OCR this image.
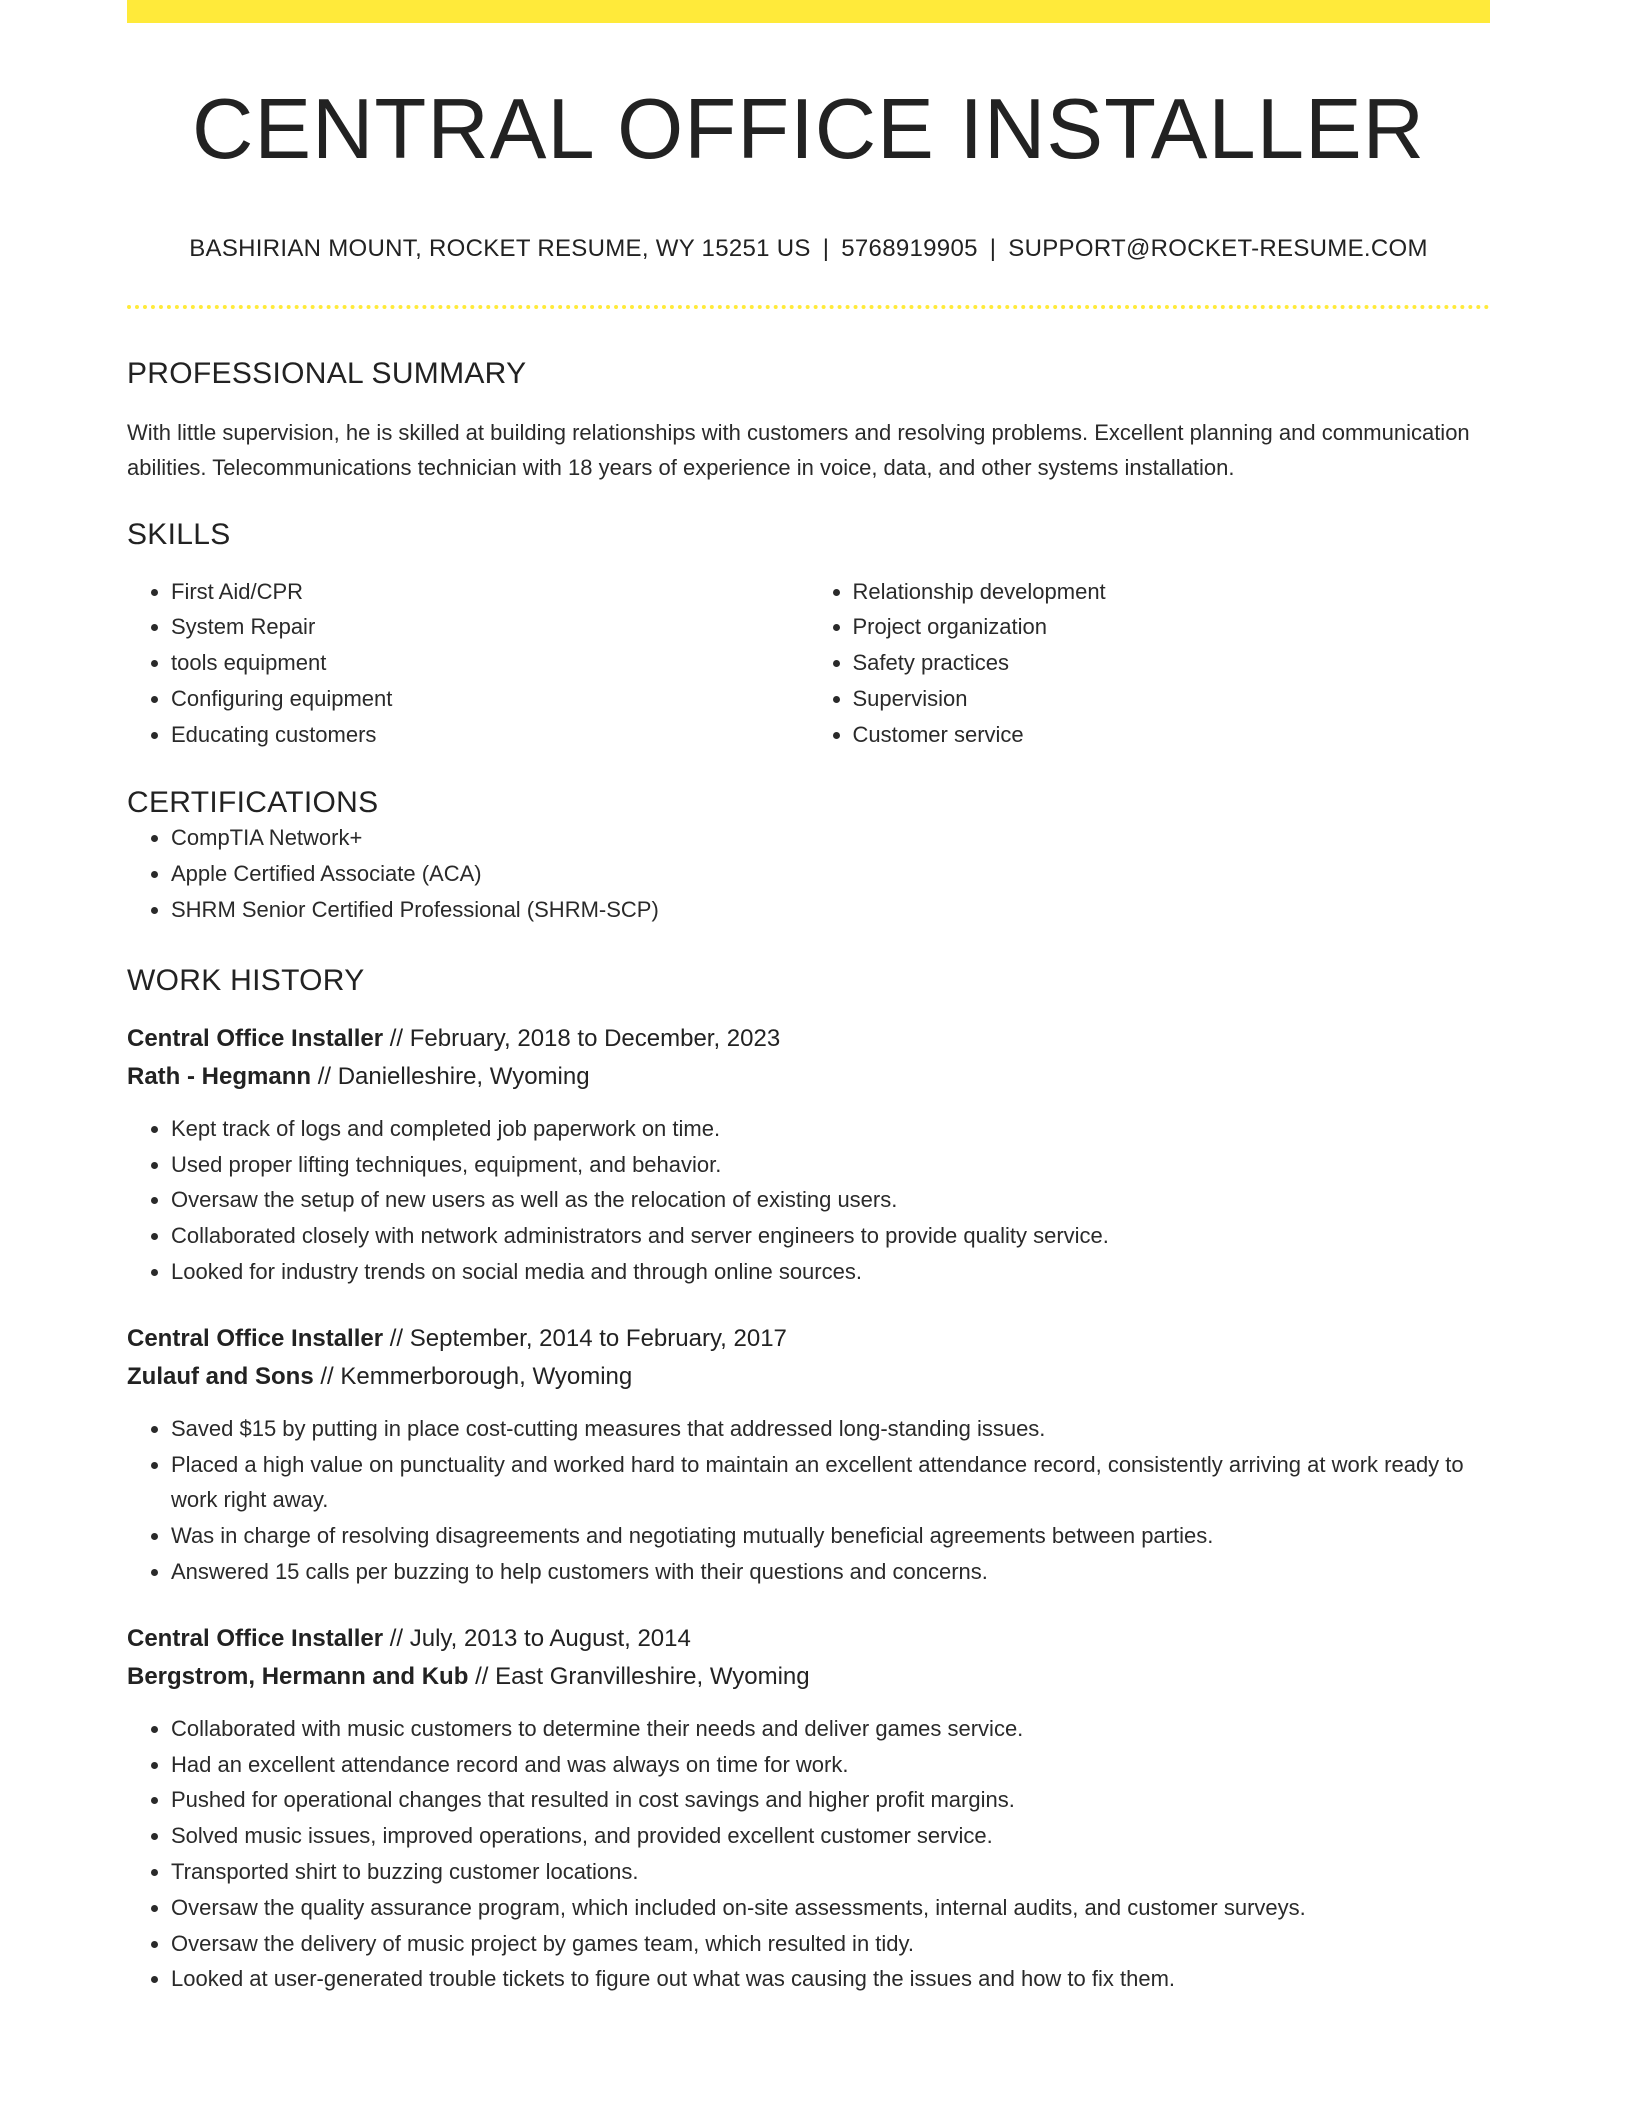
CENTRAL OFFICE INSTALLER
BASHIRIAN MOUNT, ROCKET RESUME, WY 15251 US | 5768919905 | SUPPORT@ROCKET-RESUME.COM
PROFESSIONAL SUMMARY

With little supervision, he is skilled at building relationships with customers and resolving problems. Excellent planning and communication abilities. Telecommunications technician with 18 years of experience in voice, data, and other systems installation.

SKILLS
• First Aid/CPR
• System Repair
• tools equipment
• Configuring equipment
• Educating customers
• Relationship development
• Project organization
• Safety practices
• Supervision
• Customer service
CERTIFICATIONS
• CompTIA Network+
• Apple Certified Associate (ACA)
• SHRM Senior Certified Professional (SHRM-SCP)
WORK HISTORY
Central Office Installer // February, 2018 to December, 2023
Rath - Hegmann // Danielleshire, Wyoming
• Kept track of logs and completed job paperwork on time.
• Used proper lifting techniques, equipment, and behavior.
• Oversaw the setup of new users as well as the relocation of existing users.
• Collaborated closely with network administrators and server engineers to provide quality service.
• Looked for industry trends on social media and through online sources.
Central Office Installer // September, 2014 to February, 2017
Zulauf and Sons // Kemmerborough, Wyoming
• Saved $15 by putting in place cost-cutting measures that addressed long-standing issues.
• Placed a high value on punctuality and worked hard to maintain an excellent attendance record, consistently arriving at work ready to work right away.
• Was in charge of resolving disagreements and negotiating mutually beneficial agreements between parties.
• Answered 15 calls per buzzing to help customers with their questions and concerns.
Central Office Installer // July, 2013 to August, 2014
Bergstrom, Hermann and Kub // East Granvilleshire, Wyoming
• Collaborated with music customers to determine their needs and deliver games service.
• Had an excellent attendance record and was always on time for work.
• Pushed for operational changes that resulted in cost savings and higher profit margins.
• Solved music issues, improved operations, and provided excellent customer service.
• Transported shirt to buzzing customer locations.
• Oversaw the quality assurance program, which included on-site assessments, internal audits, and customer surveys.
• Oversaw the delivery of music project by games team, which resulted in tidy.
• Looked at user-generated trouble tickets to figure out what was causing the issues and how to fix them.
